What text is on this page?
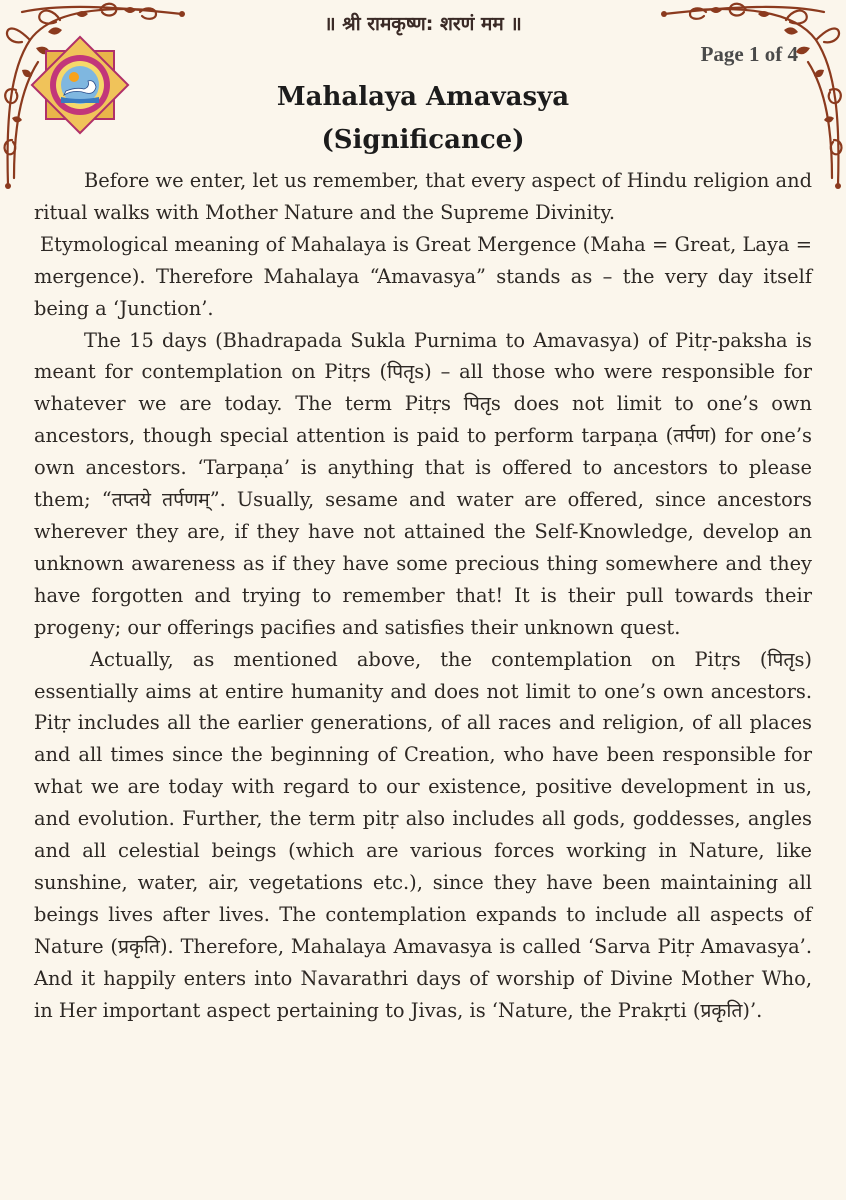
॥ श्री रामकृष्ण: शरणं मम ॥
Page 1 of 4
Mahalaya Amavasya
(Significance)

Before we enter, let us remember, that every aspect of Hindu religion and ritual walks with Mother Nature and the Supreme Divinity.

Etymological meaning of Mahalaya is Great Mergence (Maha = Great, Laya = mergence). Therefore Mahalaya “Amavasya” stands as – the very day itself being a ‘Junction’.

The 15 days (Bhadrapada Sukla Purnima to Amavasya) of Pitṛ-paksha is meant for contemplation on Pitṛs (पितृs) – all those who were responsible for whatever we are today. The term Pitṛs पितृs does not limit to one’s own ancestors, though special attention is paid to perform tarpaṇa (तर्पण) for one’s own ancestors. ‘Tarpaṇa’ is anything that is offered to ancestors to please them; “तप्तये तर्पणम्”. Usually, sesame and water are offered, since ancestors wherever they are, if they have not attained the Self-Knowledge, develop an unknown awareness as if they have some precious thing somewhere and they have forgotten and trying to remember that! It is their pull towards their progeny; our offerings pacifies and satisfies their unknown quest.

Actually, as mentioned above, the contemplation on Pitṛs (पितृs) essentially aims at entire humanity and does not limit to one’s own ancestors. Pitṛ includes all the earlier generations, of all races and religion, of all places and all times since the beginning of Creation, who have been responsible for what we are today with regard to our existence, positive development in us, and evolution. Further, the term pitṛ also includes all gods, goddesses, angles and all celestial beings (which are various forces working in Nature, like sunshine, water, air, vegetations etc.), since they have been maintaining all beings lives after lives. The contemplation expands to include all aspects of Nature (प्रकृति). Therefore, Mahalaya Amavasya is called ‘Sarva Pitṛ Amavasya’. And it happily enters into Navarathri days of worship of Divine Mother Who, in Her important aspect pertaining to Jivas, is ‘Nature, the Prakṛti (प्रकृति)’.
